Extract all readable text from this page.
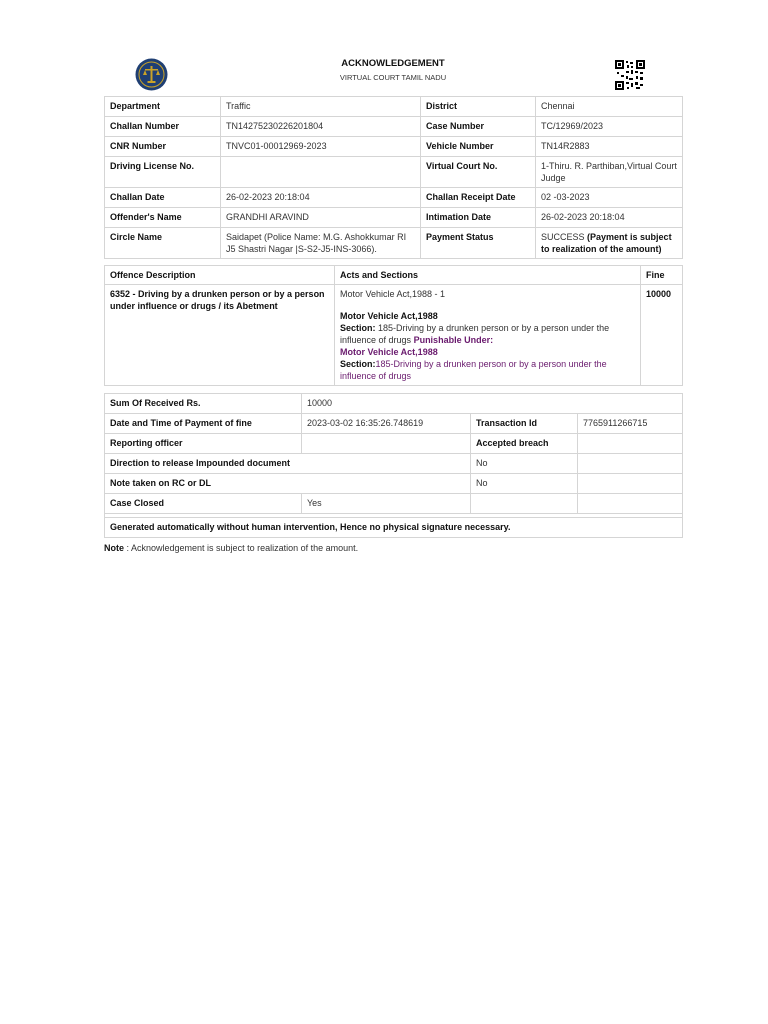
ACKNOWLEDGEMENT
VIRTUAL COURT TAMIL NADU
Department	Traffic	District	Chennai
Challan Number	TN14275230226201804	Case Number	TC/12969/2023
CNR Number	TNVC01-00012969-2023	Vehicle Number	TN14R2883
Driving License No.		Virtual Court No.	1-Thiru. R. Parthiban,Virtual Court Judge
Challan Date	26-02-2023 20:18:04	Challan Receipt Date	02 -03-2023
Offender's Name	GRANDHI ARAVIND	Intimation Date	26-02-2023 20:18:04
Circle Name	Saidapet (Police Name: M.G. Ashokkumar RI J5 Shastri Nagar |S-S2-J5-INS-3066).	Payment Status	SUCCESS (Payment is subject to realization of the amount)
Offence Description	Acts and Sections	Fine
6352 - Driving by a drunken person or by a person under influence or drugs / its Abetment	Motor Vehicle Act,1988 - 1
Motor Vehicle Act,1988
Section: 185-Driving by a drunken person or by a person under the influence of drugs Punishable Under:
Motor Vehicle Act,1988
Section:185-Driving by a drunken person or by a person under the influence of drugs	10000
Sum Of Received Rs.	10000		
Date and Time of Payment of fine	2023-03-02 16:35:26.748619	Transaction Id	7765911266715
Reporting officer		Accepted breach	
Direction to release Impounded document		No	
Note taken on RC or DL		No	
Case Closed	Yes		

Generated automatically without human intervention, Hence no physical signature necessary.			
Note : Acknowledgement is subject to realization of the amount.
